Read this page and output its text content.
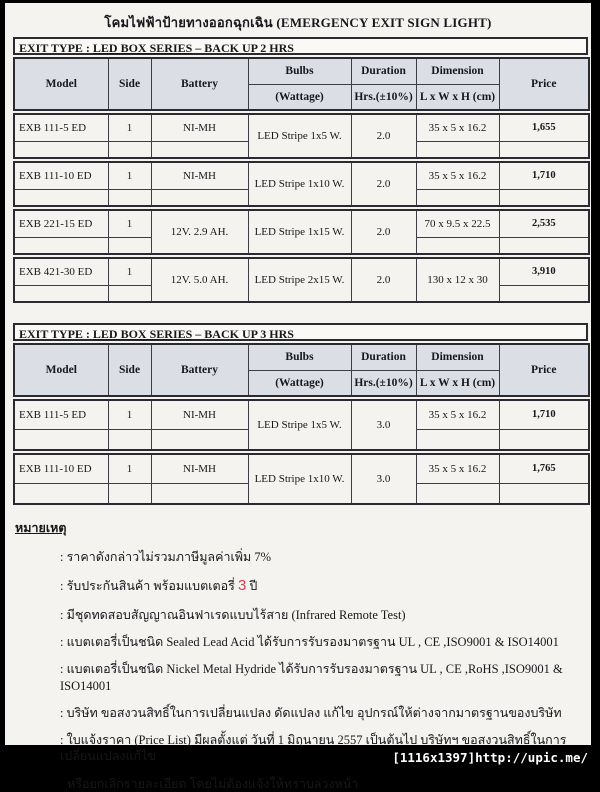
โคมไฟฟ้าป้ายทางออกฉุกเฉิน (EMERGENCY EXIT SIGN LIGHT)
EXIT TYPE : LED BOX SERIES – BACK UP 2 HRS
Model	Side	Battery	Bulbs	Duration	Dimension	Price
			(Wattage)	Hrs.(±10%)	L x W x H (cm)	
EXB 111-5 ED	1	NI-MH	LED Stripe 1x5 W.	2.0	35 x 5 x 16.2	1,655

EXB 111-10 ED	1	NI-MH	LED Stripe 1x10 W.	2.0	35 x 5 x 16.2	1,710

EXB 221-15 ED	1	12V. 2.9 AH.	LED Stripe 1x15 W.	2.0	70 x 9.5 x 22.5	2,535

EXB 421-30 ED	1	12V. 5.0 AH.	LED Stripe 2x15 W.	2.0	130 x 12 x 30	3,910

EXIT TYPE : LED BOX SERIES – BACK UP 3 HRS
Model	Side	Battery	Bulbs	Duration	Dimension	Price
			(Wattage)	Hrs.(±10%)	L x W x H (cm)	
EXB 111-5 ED	1	NI-MH	LED Stripe 1x5 W.	3.0	35 x 5 x 16.2	1,710

EXB 111-10 ED	1	NI-MH	LED Stripe 1x10 W.	3.0	35 x 5 x 16.2	1,765

หมายเหตุ
: ราคาดังกล่าวไม่รวมภาษีมูลค่าเพิ่ม 7%
: รับประกันสินค้า พร้อมแบตเตอรี่ 3 ปี
: มีชุดทดสอบสัญญาณอินฟาเรดแบบไร้สาย (Infrared Remote Test)
: แบตเตอรี่เป็นชนิด Sealed Lead Acid ได้รับการรับรองมาตรฐาน UL , CE ,ISO9001 & ISO14001
: แบตเตอรี่เป็นชนิด Nickel Metal Hydride ได้รับการรับรองมาตรฐาน UL , CE ,RoHS ,ISO9001 & ISO14001
: บริษัท ขอสงวนสิทธิ์ในการเปลี่ยนแปลง ดัดแปลง แก้ไข อุปกรณ์ให้ต่างจากมาตรฐานของบริษัท
: ใบแจ้งราคา (Price List) มีผลตั้งแต่ วันที่ 1 มิถุนายน 2557 เป็นต้นไป บริษัทฯ ขอสงวนสิทธิ์ในการเปลี่ยนแปลงแก้ไข
หรือยกเลิกรายละเอียด โดยไม่ต้องแจ้งให้ทราบล่วงหน้า
[1116x1397]http://upic.me/
